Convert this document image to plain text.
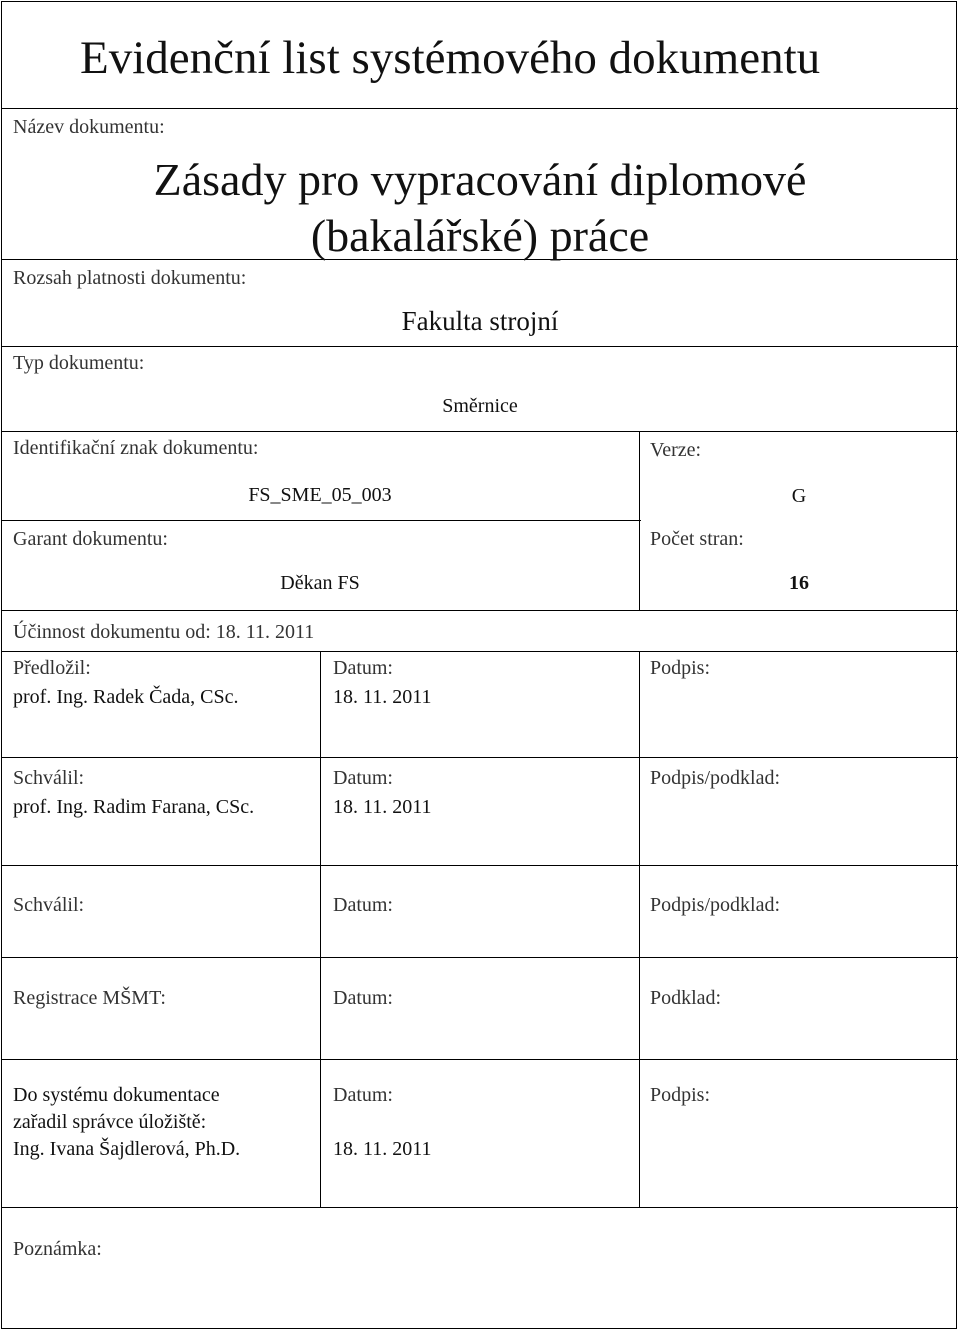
Evidenční list systémového dokumentu
Název dokumentu:
Zásady pro vypracování diplomové
(bakalářské) práce
Rozsah platnosti dokumentu:
Fakulta strojní
Typ dokumentu:
Směrnice
Identifikační znak dokumentu:
FS_SME_05_003
Verze:
G
Garant dokumentu:
Děkan FS
Počet stran:
16
Účinnost dokumentu od: 18. 11. 2011
Předložil:
prof. Ing. Radek Čada, CSc.
Datum:
18. 11. 2011
Podpis:
Schválil:
prof. Ing. Radim Farana, CSc.
Datum:
18. 11. 2011
Podpis/podklad:
Schválil:	Datum:	Podpis/podklad:
Registrace MŠMT:	Datum:	Podklad:
Do systému dokumentace
zařadil správce úložiště:
Ing. Ivana Šajdlerová, Ph.D.
Datum:
18. 11. 2011
Podpis:
Poznámka:
